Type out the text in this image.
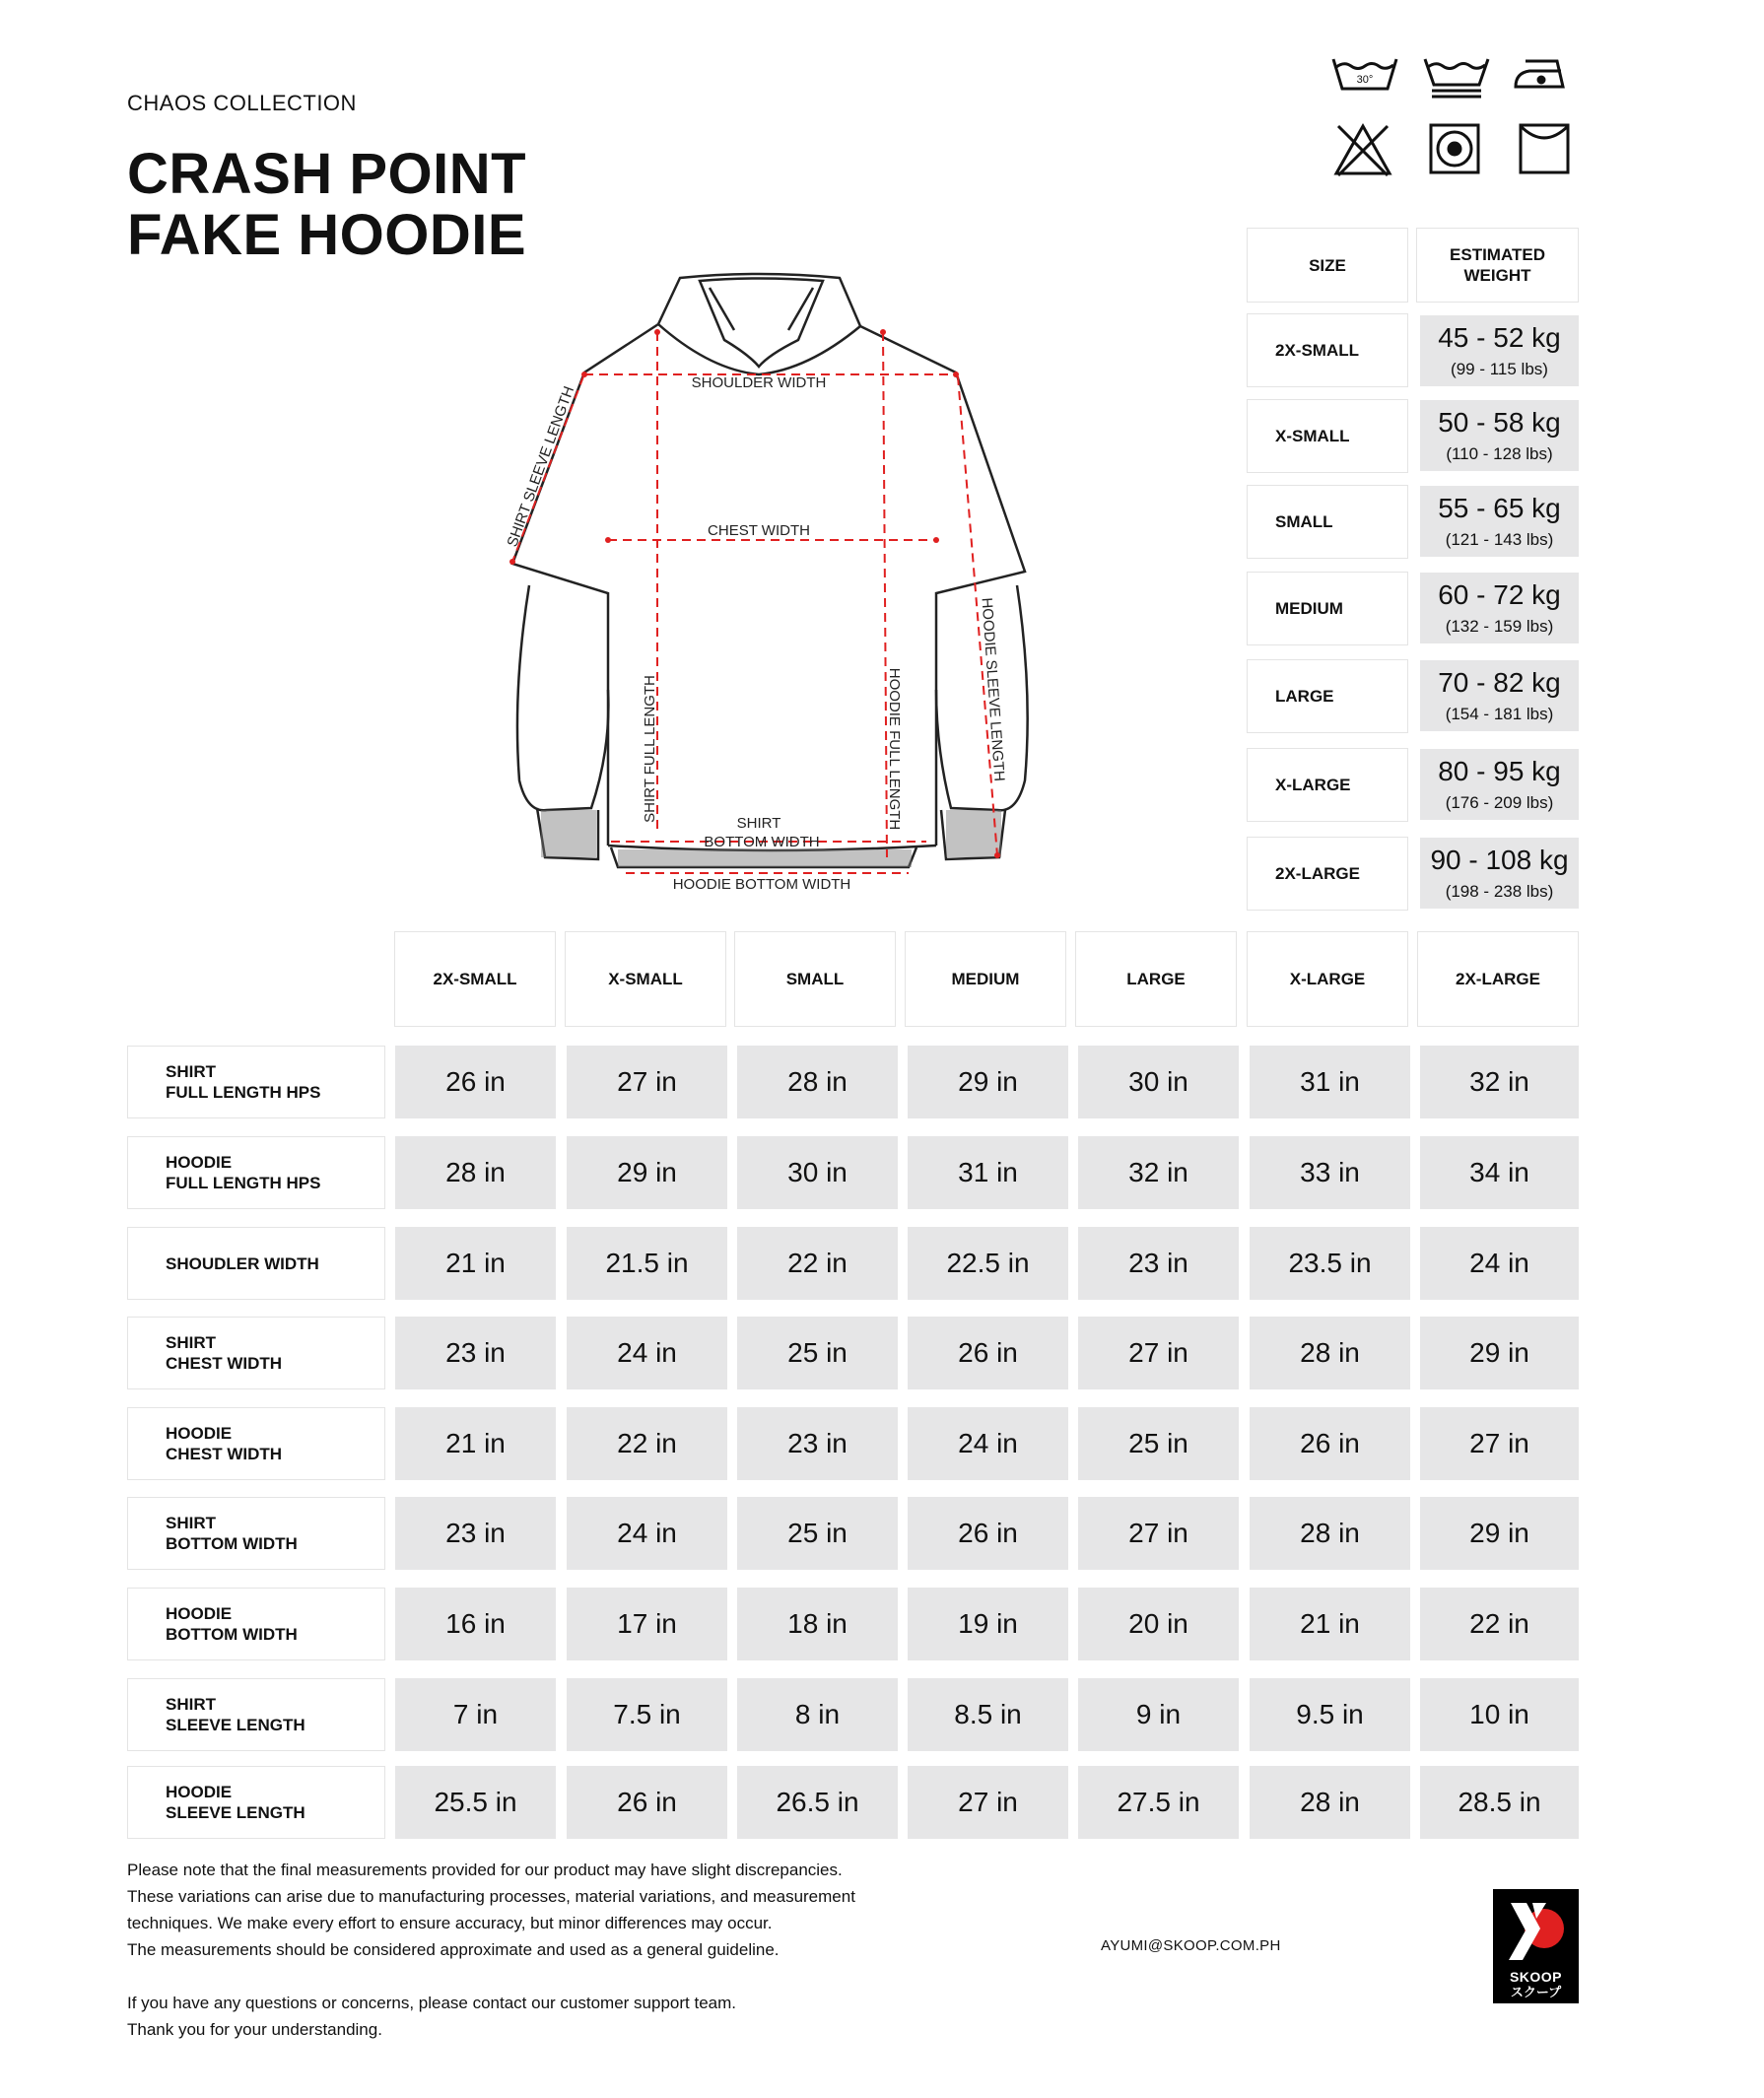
CHAOS COLLECTION
CRASH POINT
FAKE HOODIE
30°
SHOULDER WIDTH
CHEST WIDTH
SHIRT
BOTTOM WIDTH
HOODIE BOTTOM WIDTH
SHIRT SLEEVE LENGTH
SHIRT FULL LENGTH	HOODIE FULL LENGTH	HOODIE SLEEVE LENGTH
SIZE
ESTIMATED
WEIGHT
2X-SMALL	45 - 52 kg
(99 - 115 lbs)
X-SMALL	50 - 58 kg
(110 - 128 lbs)
SMALL	55 - 65 kg
(121 - 143 lbs)
MEDIUM	60 - 72 kg
(132 - 159 lbs)
LARGE	70 - 82 kg
(154 - 181 lbs)
X-LARGE	80 - 95 kg
(176 - 209 lbs)
2X-LARGE	90 - 108 kg
(198 - 238 lbs)
2X-SMALL	X-SMALL	SMALL	MEDIUM	LARGE	X-LARGE	2X-LARGE
SHIRT
FULL LENGTH HPS	26 in	27 in	28 in	29 in	30 in	31 in	32 in
HOODIE
FULL LENGTH HPS	28 in	29 in	30 in	31 in	32 in	33 in	34 in
SHOUDLER WIDTH	21 in	21.5 in	22 in	22.5 in	23 in	23.5 in	24 in
SHIRT
CHEST WIDTH	23 in	24 in	25 in	26 in	27 in	28 in	29 in
HOODIE
CHEST WIDTH	21 in	22 in	23 in	24 in	25 in	26 in	27 in
SHIRT
BOTTOM WIDTH	23 in	24 in	25 in	26 in	27 in	28 in	29 in
HOODIE
BOTTOM WIDTH	16 in	17 in	18 in	19 in	20 in	21 in	22 in
SHIRT
SLEEVE LENGTH	7 in	7.5 in	8 in	8.5 in	9 in	9.5 in	10 in
HOODIE
SLEEVE LENGTH	25.5 in	26 in	26.5 in	27 in	27.5 in	28 in	28.5 in

Please note that the final measurements provided for our product may have slight discrepancies.

These variations can arise due to manufacturing processes, material variations, and measurement

techniques. We make every effort to ensure accuracy, but minor differences may occur.

The measurements should be considered approximate and used as a general guideline.

If you have any questions or concerns, please contact our customer support team.

Thank you for your understanding.

AYUMI@SKOOP.COM.PH
SKOOP
スクープ
